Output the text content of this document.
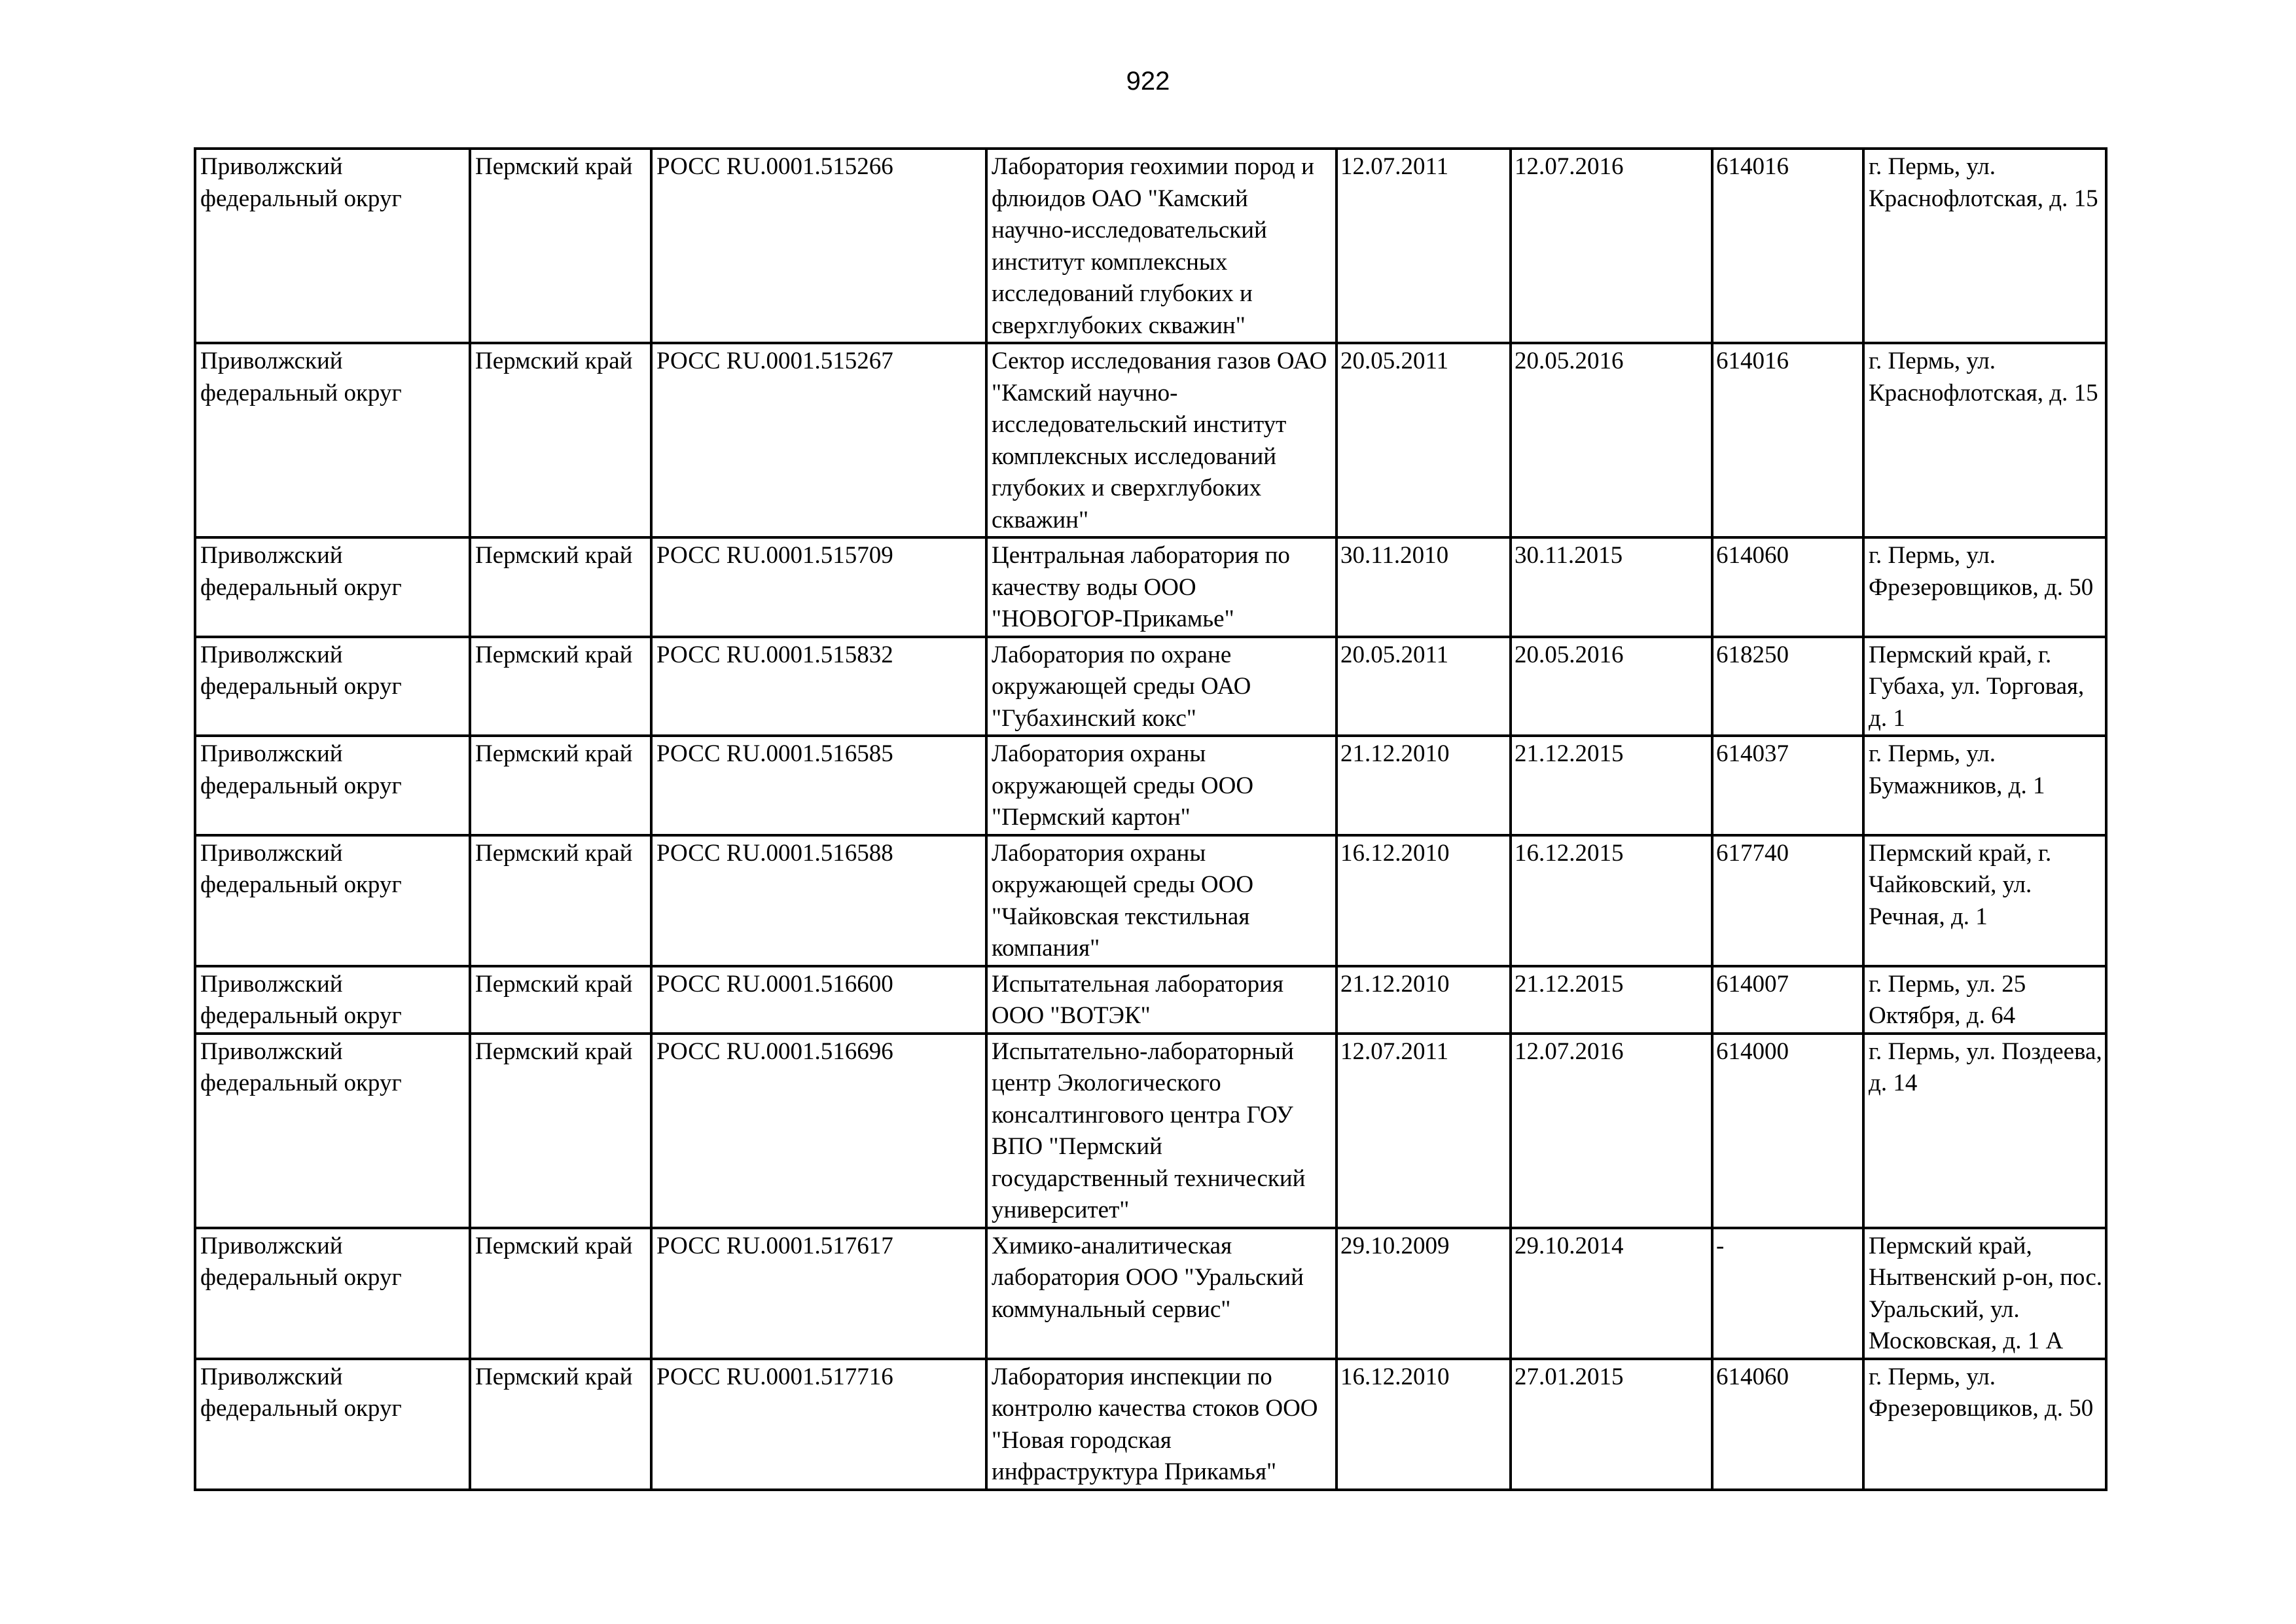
922
Приволжский федеральный округ	Пермский край	РОСС RU.0001.515266	Лаборатория геохимии пород и флюидов ОАО "Камский научно-исследовательский институт комплексных исследований глубоких и сверхглубоких скважин"	12.07.2011	12.07.2016	614016	г. Пермь, ул. Краснофлотская, д. 15
Приволжский федеральный округ	Пермский край	РОСС RU.0001.515267	Сектор исследования газов ОАО "Камский научно-исследовательский институт комплексных исследований глубоких и сверхглубоких скважин"	20.05.2011	20.05.2016	614016	г. Пермь, ул. Краснофлотская, д. 15
Приволжский федеральный округ	Пермский край	РОСС RU.0001.515709	Центральная лаборатория по качеству воды ООО "НОВОГОР-Прикамье"	30.11.2010	30.11.2015	614060	г. Пермь, ул. Фрезеровщиков, д. 50
Приволжский федеральный округ	Пермский край	РОСС RU.0001.515832	Лаборатория по охране окружающей среды ОАО "Губахинский кокс"	20.05.2011	20.05.2016	618250	Пермский край, г. Губаха, ул. Торговая, д. 1
Приволжский федеральный округ	Пермский край	РОСС RU.0001.516585	Лаборатория охраны окружающей среды ООО "Пермский картон"	21.12.2010	21.12.2015	614037	г. Пермь, ул. Бумажников, д. 1
Приволжский федеральный округ	Пермский край	РОСС RU.0001.516588	Лаборатория охраны окружающей среды ООО "Чайковская текстильная компания"	16.12.2010	16.12.2015	617740	Пермский край, г. Чайковский, ул. Речная, д. 1
Приволжский федеральный округ	Пермский край	РОСС RU.0001.516600	Испытательная лаборатория ООО "ВОТЭК"	21.12.2010	21.12.2015	614007	г. Пермь, ул. 25 Октября, д. 64
Приволжский федеральный округ	Пермский край	РОСС RU.0001.516696	Испытательно-лабораторный центр Экологического консалтингового центра ГОУ ВПО "Пермский государственный технический университет"	12.07.2011	12.07.2016	614000	г. Пермь, ул. Поздеева, д. 14
Приволжский федеральный округ	Пермский край	РОСС RU.0001.517617	Химико-аналитическая лаборатория ООО "Уральский коммунальный сервис"	29.10.2009	29.10.2014	-	Пермский край, Нытвенский р-он, пос. Уральский, ул. Московская, д. 1 А
Приволжский федеральный округ	Пермский край	РОСС RU.0001.517716	Лаборатория инспекции по контролю качества стоков ООО "Новая городская инфраструктура Прикамья"	16.12.2010	27.01.2015	614060	г. Пермь, ул. Фрезеровщиков, д. 50
